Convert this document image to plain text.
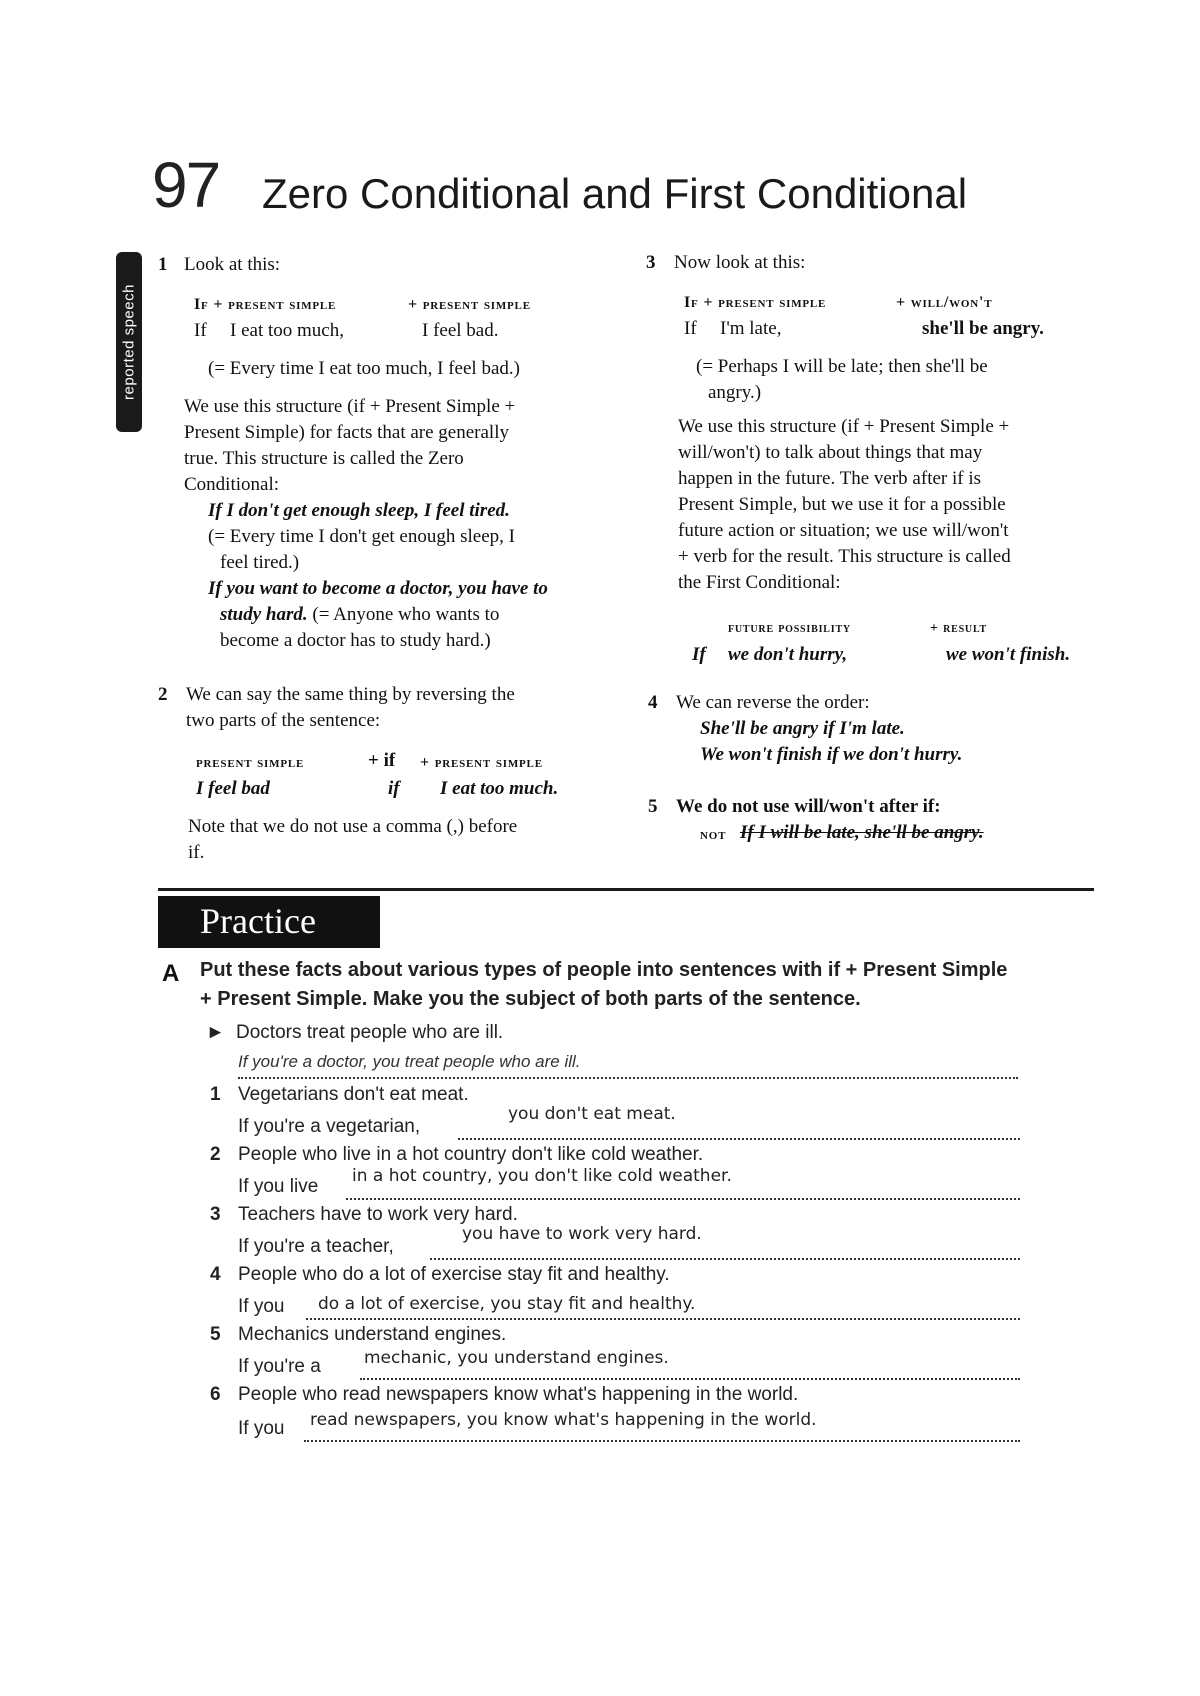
97 Zero Conditional and First Conditional
reported speech
1 Look at this:
If + present simple	+ present simple
If I eat too much,	I feel bad.
(= Every time I eat too much, I feel bad.)
We use this structure (if + Present Simple +
Present Simple) for facts that are generally
true. This structure is called the Zero
Conditional:
If I don't get enough sleep, I feel tired.
(= Every time I don't get enough sleep, I
feel tired.)
If you want to become a doctor, you have to
study hard. (= Anyone who wants to
become a doctor has to study hard.)
2 We can say the same thing by reversing the
two parts of the sentence:
present simple	+ if + present simple
I feel bad	if I eat too much.
Note that we do not use a comma (,) before
if.
3 Now look at this:
If + present simple	+ will/won't
If I'm late,	she'll be angry.
(= Perhaps I will be late; then she'll be
angry.)
We use this structure (if + Present Simple +
will/won't) to talk about things that may
happen in the future. The verb after if is
Present Simple, but we use it for a possible
future action or situation; we use will/won't
+ verb for the result. This structure is called
the First Conditional:
future possibility	+ result
If we don't hurry,	we won't finish.
4 We can reverse the order:
She'll be angry if I'm late.
We won't finish if we don't hurry.
5 We do not use will/won't after if:
not If I will be late, she'll be angry.
Practice
A Put these facts about various types of people into sentences with if + Present Simple
+ Present Simple. Make you the subject of both parts of the sentence.
► Doctors treat people who are ill.
If you're a doctor, you treat people who are ill.
1 Vegetarians don't eat meat.
If you're a vegetarian,
you don't eat meat.
2 People who live in a hot country don't like cold weather.
If you live in a hot country, you don't like cold weather.
3 Teachers have to work very hard.
If you're a teacher,
you have to work very hard.
4 People who do a lot of exercise stay fit and healthy.
If you do a lot of exercise, you stay fit and healthy.
5 Mechanics understand engines.
If you're a	mechanic, you understand engines.
6 People who read newspapers know what's happening in the world.
If you read newspapers, you know what's happening in the world.
